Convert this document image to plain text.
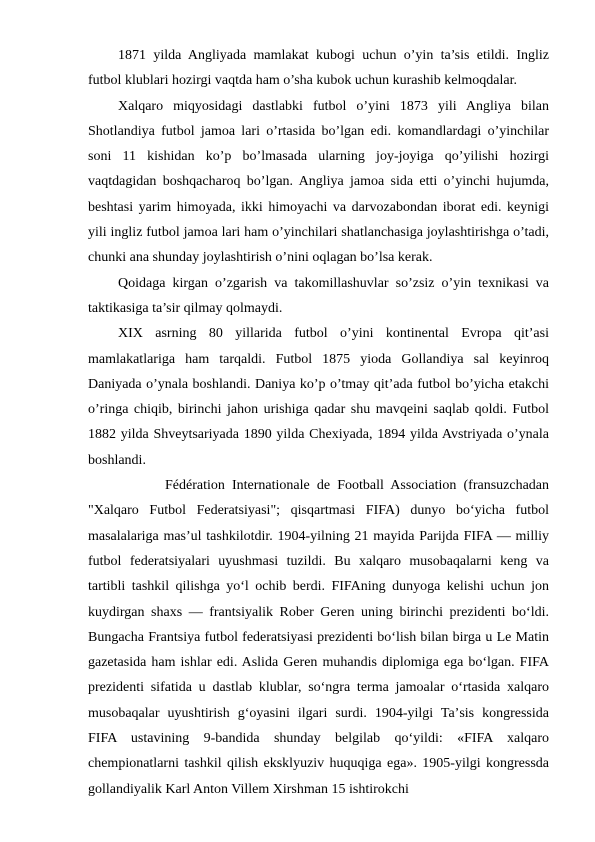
1871 yilda Angliyada mamlakat kubogi uchun o’yin ta’sis etildi. Ingliz futbol klublari hozirgi vaqtda ham o’sha kubok uchun kurashib kelmoqdalar.

Xalqaro miqyosidagi dastlabki futbol o’yini 1873 yili Angliya bilan Shotlandiya futbol jamoa lari o’rtasida bo’lgan edi. komandlardagi o’yinchilar soni 11 kishidan ko’p bo’lmasada ularning joy-joyiga qo’yilishi hozirgi vaqtdagidan boshqacharoq bo’lgan. Angliya jamoa sida etti o’yinchi hujumda, beshtasi yarim himoyada, ikki himoyachi va darvozabondan iborat edi. keynigi yili ingliz futbol jamoa lari ham o’yinchilari shatlanchasiga joylashtirishga o’tadi, chunki ana shunday joylashtirish o’nini oqlagan bo’lsa kerak.

Qoidaga kirgan o’zgarish va takomillashuvlar so’zsiz o’yin texnikasi va taktikasiga ta’sir qilmay qolmaydi.

XIX asrning 80 yillarida futbol o’yini kontinental Evropa qit’asi mamlakatlariga ham tarqaldi. Futbol 1875 yioda Gollandiya sal keyinroq Daniyada o’ynala boshlandi. Daniya ko’p o’tmay qit’ada futbol bo’yicha etakchi o’ringa chiqib, birinchi jahon urishiga qadar shu mavqeini saqlab qoldi. Futbol 1882 yilda Shveytsariyada 1890 yilda Chexiyada, 1894 yilda Avstriyada o’ynala boshlandi.

Fédération Internationale de Football Association (fransuzchadan "Xalqaro Futbol Federatsiyasi"; qisqartmasi FIFA) dunyo boʻyicha futbol masalalariga masʼul tashkilotdir. 1904-yilning 21 mayida Parijda FIFA — milliy futbol federatsiyalari uyushmasi tuzildi. Bu xalqaro musobaqalarni keng va tartibli tashkil qilishga yoʻl ochib berdi. FIFAning dunyoga kelishi uchun jon kuydirgan shaxs — frantsiyalik Rober Geren uning birinchi prezidenti boʻldi. Bungacha Frantsiya futbol federatsiyasi prezidenti boʻlish bilan birga u Le Matin gazetasida ham ishlar edi. Aslida Geren muhandis diplomiga ega boʻlgan. FIFA prezidenti sifatida u dastlab klublar, soʻngra terma jamoalar oʻrtasida xalqaro musobaqalar uyushtirish gʻoyasini ilgari surdi. 1904-yilgi Taʼsis kongressida FIFA ustavining 9-bandida shunday belgilab qoʻyildi: «FIFA xalqaro chempionatlarni tashkil qilish eksklyuziv huquqiga ega». 1905-yilgi kongressda gollandiyalik Karl Anton Villem Xirshman 15 ishtirokchi
